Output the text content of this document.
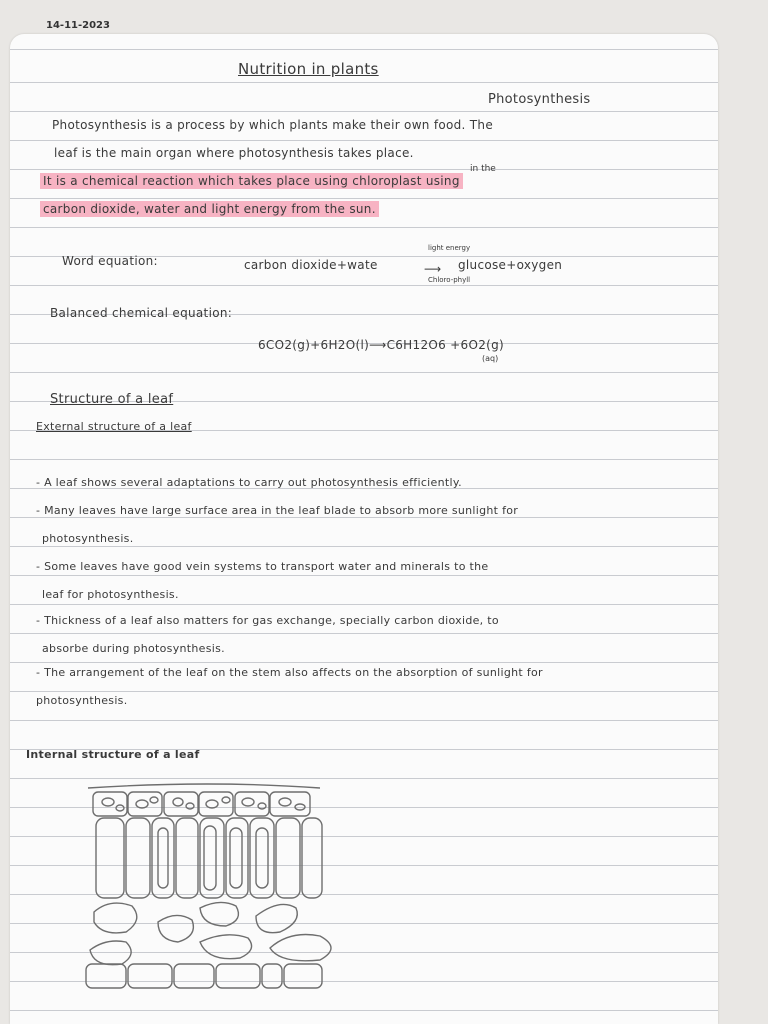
14-11-2023
Nutrition in plants
Photosynthesis
Photosynthesis is a process by which plants make their own food. The
leaf is the main organ where photosynthesis takes place.
in the
It is a chemical reaction which takes place using chloroplast using
carbon dioxide, water and light energy from the sun.
Word equation:	carbon dioxide+wate
light energy
⟶
Chloro-phyll
glucose+oxygen
Balanced chemical equation:
6CO2(g)+6H2O(l)⟶C6H12O6 +6O2(g)
(aq)
Structure of a leaf
External structure of a leaf
- A leaf shows several adaptations to carry out photosynthesis efficiently.
- Many leaves have large surface area in the leaf blade to absorb more sunlight for
photosynthesis.
- Some leaves have good vein systems to transport water and minerals to the
leaf for photosynthesis.
- Thickness of a leaf also matters for gas exchange, specially carbon dioxide, to
absorbe during photosynthesis.
- The arrangement of the leaf on the stem also affects on the absorption of sunlight for
photosynthesis.
Internal structure of a leaf
